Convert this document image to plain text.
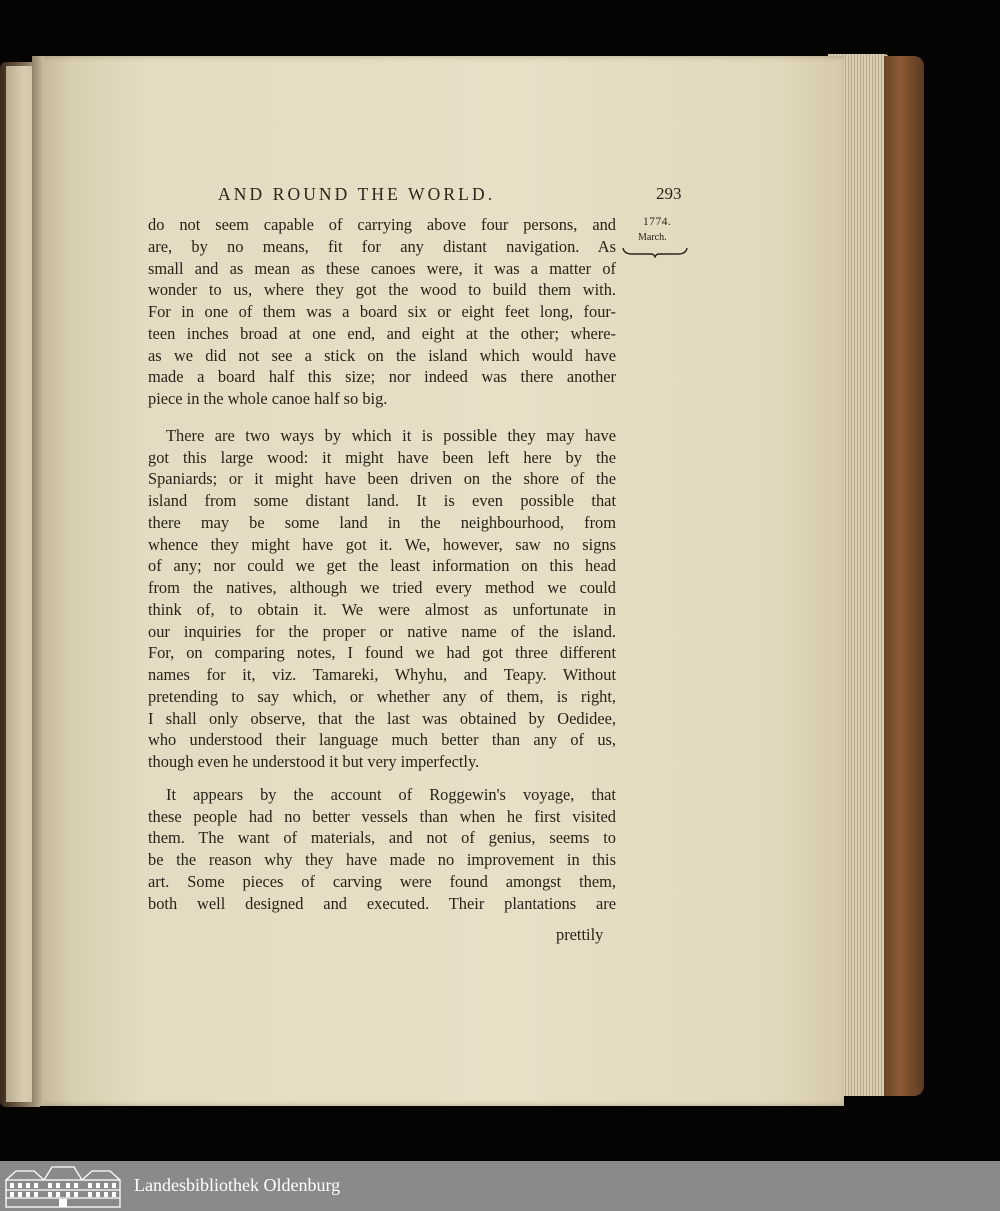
AND ROUND THE WORLD.	293
1774.
March.
do not seem capable of carrying above four persons, and
are, by no means, fit for any distant navigation. As
small and as mean as these canoes were, it was a matter of
wonder to us, where they got the wood to build them with.
For in one of them was a board six or eight feet long, four-
teen inches broad at one end, and eight at the other; where-
as we did not see a stick on the island which would have
made a board half this size; nor indeed was there another
piece in the whole canoe half so big.
There are two ways by which it is possible they may have
got this large wood: it might have been left here by the
Spaniards; or it might have been driven on the shore of the
island from some distant land. It is even possible that
there may be some land in the neighbourhood, from
whence they might have got it. We, however, saw no signs
of any; nor could we get the least information on this head
from the natives, although we tried every method we could
think of, to obtain it. We were almost as unfortunate in
our inquiries for the proper or native name of the island.
For, on comparing notes, I found we had got three different
names for it, viz. Tamareki, Whyhu, and Teapy. Without
pretending to say which, or whether any of them, is right,
I shall only observe, that the last was obtained by Oedidee,
who understood their language much better than any of us,
though even he understood it but very imperfectly.
It appears by the account of Roggewin's voyage, that
these people had no better vessels than when he first visited
them. The want of materials, and not of genius, seems to
be the reason why they have made no improvement in this
art. Some pieces of carving were found amongst them,
both well designed and executed. Their plantations are
prettily
Landesbibliothek Oldenburg
